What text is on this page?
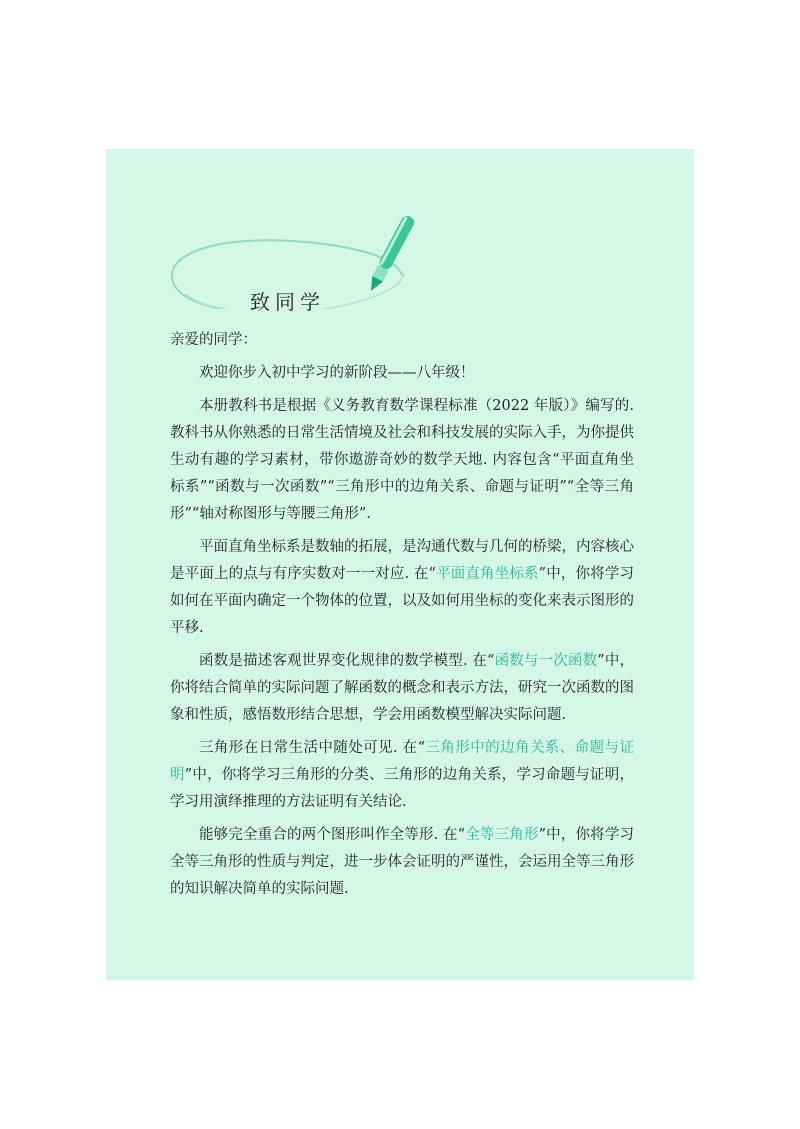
致同学

亲爱的同学：

欢迎你步入初中学习的新阶段——八年级！

本册教科书是根据《义务教育数学课程标准（2022 年版）》编写的. 教科书从你熟悉的日常生活情境及社会和科技发展的实际入手，为你提供生动有趣的学习素材，带你遨游奇妙的数学天地. 内容包含“平面直角坐标系”“函数与一次函数”“三角形中的边角关系、命题与证明”“全等三角形”“轴对称图形与等腰三角形”.

平面直角坐标系是数轴的拓展，是沟通代数与几何的桥梁，内容核心是平面上的点与有序实数对一一对应. 在“平面直角坐标系”中，你将学习如何在平面内确定一个物体的位置，以及如何用坐标的变化来表示图形的平移.

函数是描述客观世界变化规律的数学模型. 在“函数与一次函数”中，你将结合简单的实际问题了解函数的概念和表示方法，研究一次函数的图象和性质，感悟数形结合思想，学会用函数模型解决实际问题.

三角形在日常生活中随处可见. 在“三角形中的边角关系、命题与证明”中，你将学习三角形的分类、三角形的边角关系，学习命题与证明，学习用演绎推理的方法证明有关结论.

能够完全重合的两个图形叫作全等形. 在“全等三角形”中，你将学习全等三角形的性质与判定，进一步体会证明的严谨性，会运用全等三角形的知识解决简单的实际问题.
